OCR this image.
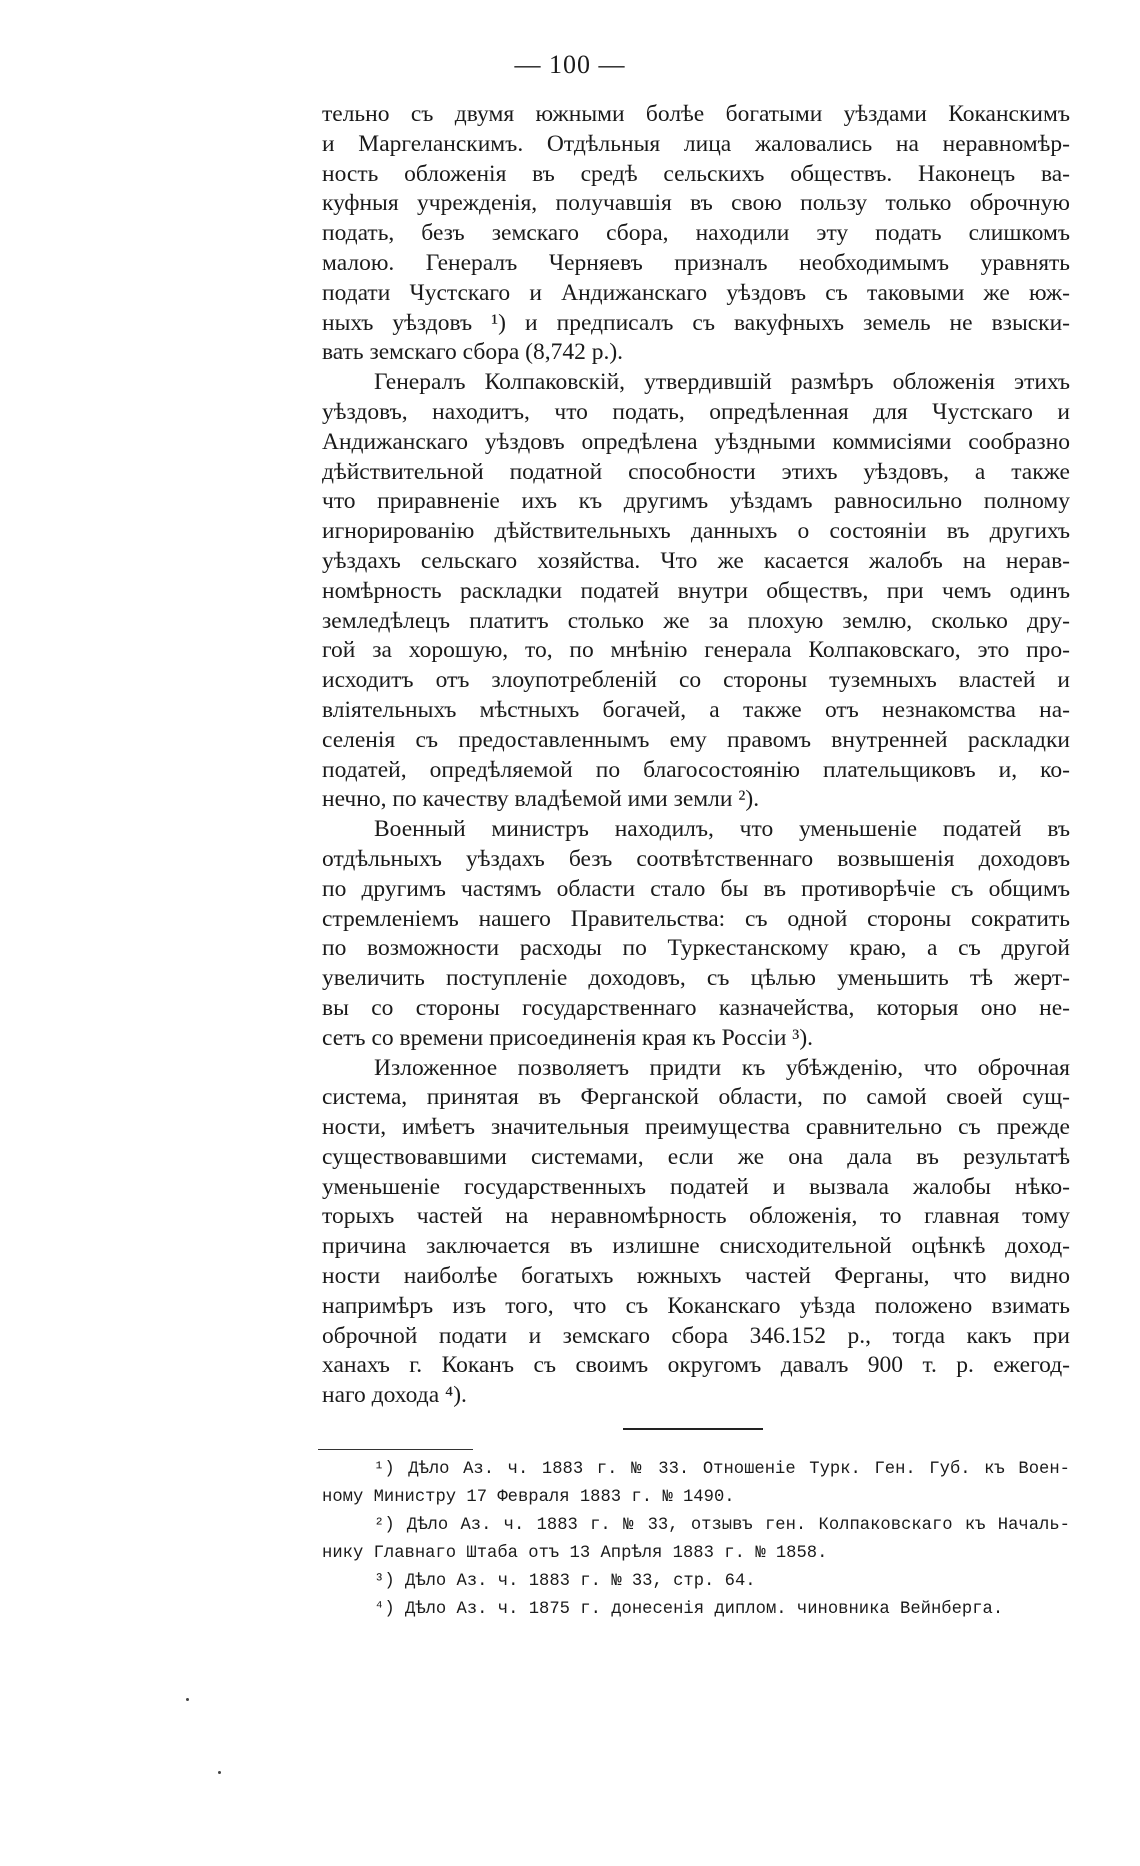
— 100 —
тельно съ двумя южными болѣе богатыми уѣздами Коканскимъ
и Маргеланскимъ. Отдѣльныя лица жаловались на неравномѣр-
ность обложенія въ средѣ сельскихъ обществъ. Наконецъ ва-
куфныя учрежденія, получавшія въ свою пользу только оброчную
подать, безъ земскаго сбора, находили эту подать слишкомъ
малою. Генералъ Черняевъ призналъ необходимымъ уравнять
подати Чустскаго и Андижанскаго уѣздовъ съ таковыми же юж-
ныхъ уѣздовъ ¹) и предписалъ съ вакуфныхъ земель не взыски-
вать земскаго сбора (8,742 р.).
Генералъ Колпаковскій, утвердившій размѣръ обложенія этихъ
уѣздовъ, находитъ, что подать, опредѣленная для Чустскаго и
Андижанскаго уѣздовъ опредѣлена уѣздными коммисіями сообразно
дѣйствительной податной способности этихъ уѣздовъ, а также
что приравненіе ихъ къ другимъ уѣздамъ равносильно полному
игнорированію дѣйствительныхъ данныхъ о состояніи въ другихъ
уѣздахъ сельскаго хозяйства. Что же касается жалобъ на нерав-
номѣрность раскладки податей внутри обществъ, при чемъ одинъ
земледѣлецъ платитъ столько же за плохую землю, сколько дру-
гой за хорошую, то, по мнѣнію генерала Колпаковскаго, это про-
исходитъ отъ злоупотребленій со стороны туземныхъ властей и
вліятельныхъ мѣстныхъ богачей, а также отъ незнакомства на-
селенія съ предоставленнымъ ему правомъ внутренней раскладки
податей, опредѣляемой по благосостоянію плательщиковъ и, ко-
нечно, по качеству владѣемой ими земли ²).
Военный министръ находилъ, что уменьшеніе податей въ
отдѣльныхъ уѣздахъ безъ соотвѣтственнаго возвышенія доходовъ
по другимъ частямъ области стало бы въ противорѣчіе съ общимъ
стремленіемъ нашего Правительства: съ одной стороны сократить
по возможности расходы по Туркестанскому краю, а съ другой
увеличить поступленіе доходовъ, съ цѣлью уменьшить тѣ жерт-
вы со стороны государственнаго казначейства, которыя оно не-
сетъ со времени присоединенія края къ Россіи ³).
Изложенное позволяетъ придти къ убѣжденію, что оброчная
система, принятая въ Ферганской области, по самой своей сущ-
ности, имѣетъ значительныя преимущества сравнительно съ прежде
существовавшими системами, если же она дала въ результатѣ
уменьшеніе государственныхъ податей и вызвала жалобы нѣко-
торыхъ частей на неравномѣрность обложенія, то главная тому
причина заключается въ излишне снисходительной оцѣнкѣ доход-
ности наиболѣе богатыхъ южныхъ частей Ферганы, что видно
напримѣръ изъ того, что съ Коканскаго уѣзда положено взимать
оброчной подати и земскаго сбора 346.152 р., тогда какъ при
ханахъ г. Коканъ съ своимъ округомъ давалъ 900 т. р. ежегод-
наго дохода ⁴).
¹) Дѣло Аз. ч. 1883 г. № 33. Отношеніе Турк. Ген. Губ. къ Воен-
ному Министру 17 Февраля 1883 г. № 1490.
²) Дѣло Аз. ч. 1883 г. № 33, отзывъ ген. Колпаковскаго къ Началь-
нику Главнаго Штаба отъ 13 Апрѣля 1883 г. № 1858.
³) Дѣло Аз. ч. 1883 г. № 33, стр. 64.
⁴) Дѣло Аз. ч. 1875 г. донесенія диплом. чиновника Вейнберга.
